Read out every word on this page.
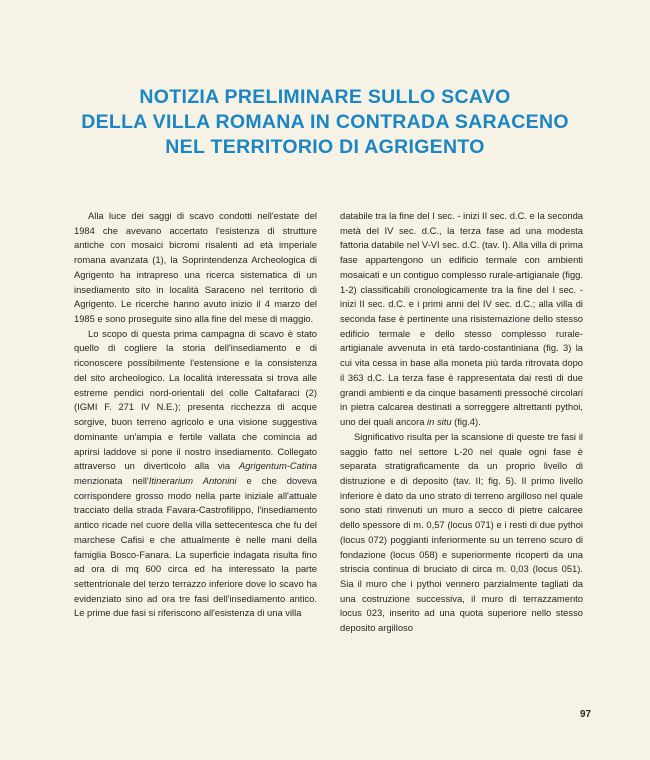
NOTIZIA PRELIMINARE SULLO SCAVO
DELLA VILLA ROMANA IN CONTRADA SARACENO
NEL TERRITORIO DI AGRIGENTO

Alla luce dei saggi di scavo condotti nell'estate del 1984 che avevano accertato l'esistenza di strutture antiche con mosaici bicromi risalenti ad età imperiale romana avanzata (1), la Soprintendenza Archeologica di Agrigento ha intrapreso una ricerca sistematica di un insediamento sito in località Saraceno nel territorio di Agrigento. Le ricerche hanno avuto inizio il 4 marzo del 1985 e sono proseguite sino alla fine del mese di maggio.

Lo scopo di questa prima campagna di scavo è stato quello di cogliere la storia dell'insediamento e di riconoscere possibilmente l'estensione e la consistenza del sito archeologico. La località interessata si trova alle estreme pendici nord-orientali del colle Caltafaraci (2) (IGMI F. 271 IV N.E.); presenta ricchezza di acque sorgive, buon terreno agricolo e una visione suggestiva dominante un'ampia e fertile vallata che comincia ad aprirsi laddove si pone il nostro insediamento. Collegato attraverso un diverticolo alla via Agrigentum-Catina menzionata nell'Itinerarium Antonini e che doveva corrispondere grosso modo nella parte iniziale all'attuale tracciato della strada Favara-Castrofilippo, l'insediamento antico ricade nel cuore della villa settecentesca che fu del marchese Cafisi e che attualmente è nelle mani della famiglia Bosco-Fanara. La superficie indagata risulta fino ad ora di mq 600 circa ed ha interessato la parte settentrionale del terzo terrazzo inferiore dove lo scavo ha evidenziato sino ad ora tre fasi dell'insediamento antico. Le prime due fasi si riferiscono all'esistenza di una villa

databile tra la fine del I sec. - inizi II sec. d.C. e la seconda metà del IV sec. d.C., la terza fase ad una modesta fattoria databile nel V-VI sec. d.C. (tav. I). Alla villa di prima fase appartengono un edificio termale con ambienti mosaicati e un contiguo complesso rurale-artigianale (figg. 1-2) classificabili cronologicamente tra la fine del I sec. - inizi II sec. d.C. e i primi anni del IV sec. d.C.; alla villa di seconda fase è pertinente una risistemazione dello stesso edificio termale e dello stesso complesso rurale-artigianale avvenuta in età tardo-costantiniana (fig. 3) la cui vita cessa in base alla moneta più tarda ritrovata dopo il 363 d.C. La terza fase è rappresentata dai resti di due grandi ambienti e da cinque basamenti pressoché circolari in pietra calcarea destinati a sorreggere altrettanti pythoi, uno dei quali ancora in situ (fig.4).

Significativo risulta per la scansione di queste tre fasi il saggio fatto nel settore L-20 nel quale ogni fase è separata stratigraficamente da un proprio livello di distruzione e di deposito (tav. II; fig. 5). Il primo livello inferiore è dato da uno strato di terreno argilloso nel quale sono stati rinvenuti un muro a secco di pietre calcaree dello spessore di m. 0,57 (locus 071) e i resti di due pythoi (locus 072) poggianti inferiormente su un terreno scuro di fondazione (locus 058) e superiormente ricoperti da una striscia continua di bruciato di circa m. 0,03 (locus 051). Sia il muro che i pythoi vennero parzialmente tagliati da una costruzione successiva, il muro di terrazzamento locus 023, inserito ad una quota superiore nello stesso deposito argilloso

97
